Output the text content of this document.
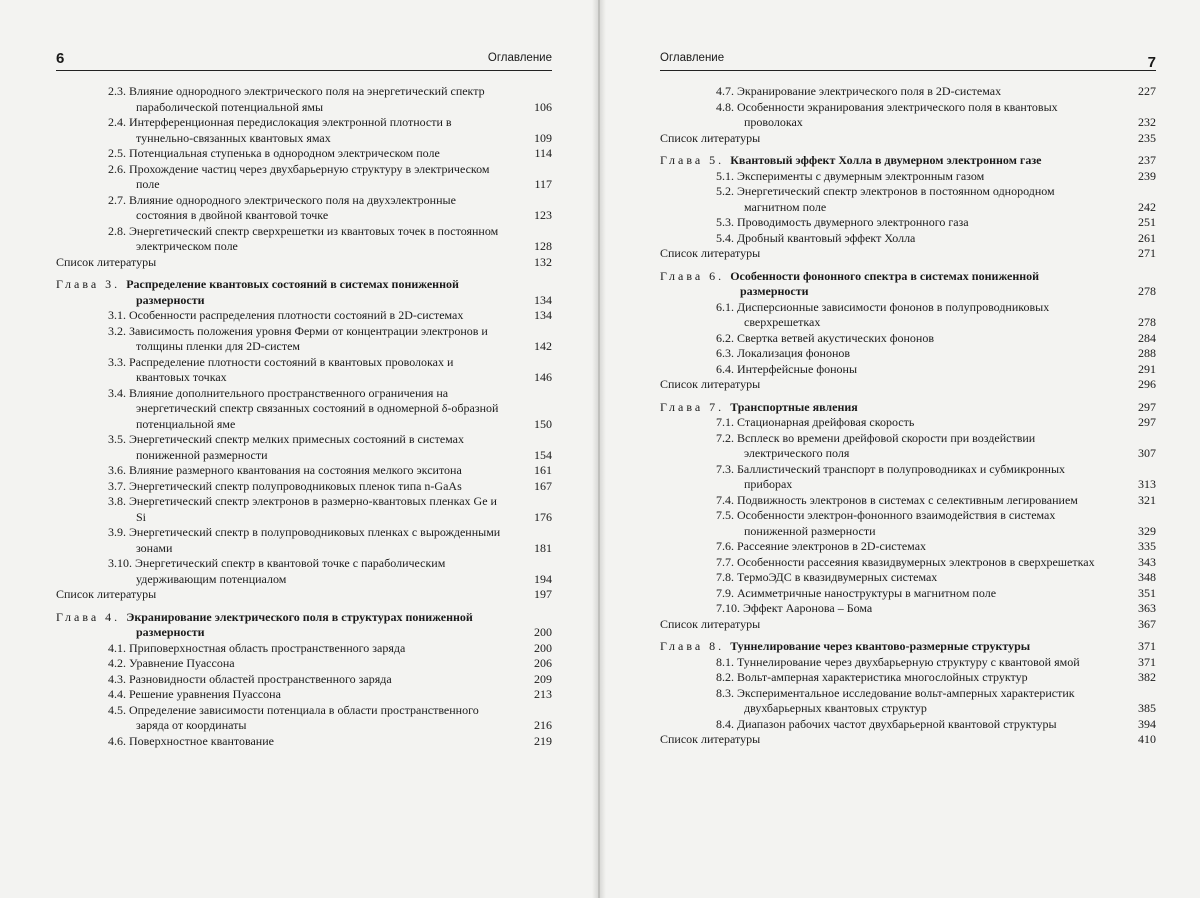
6	Оглавление
2.3. Влияние однородного электрического поля на энергетический спектр параболической потенциальной ямы	106
2.4. Интерференционная передислокация электронной плотности в туннельно-связанных квантовых ямах	109
2.5. Потенциальная ступенька в однородном электрическом поле	114
2.6. Прохождение частиц через двухбарьерную структуру в электрическом поле	117
2.7. Влияние однородного электрического поля на двухэлектронные состояния в двойной квантовой точке	123
2.8. Энергетический спектр сверхрешетки из квантовых точек в постоянном электрическом поле	128
Список литературы	132
Глава 3. Распределение квантовых состояний в системах пониженной размерности	134
3.1. Особенности распределения плотности состояний в 2D-системах	134
3.2. Зависимость положения уровня Ферми от концентрации электронов и толщины пленки для 2D-систем	142
3.3. Распределение плотности состояний в квантовых проволоках и квантовых точках	146
3.4. Влияние дополнительного пространственного ограничения на энергетический спектр связанных состояний в одномерной δ-образной потенциальной яме	150
3.5. Энергетический спектр мелких примесных состояний в системах пониженной размерности	154
3.6. Влияние размерного квантования на состояния мелкого экситона	161
3.7. Энергетический спектр полупроводниковых пленок типа n-GaAs	167
3.8. Энергетический спектр электронов в размерно-квантовых пленках Ge и Si	176
3.9. Энергетический спектр в полупроводниковых пленках с вырожденными зонами	181
3.10. Энергетический спектр в квантовой точке с параболическим удерживающим потенциалом	194
Список литературы	197
Глава 4. Экранирование электрического поля в структурах пониженной размерности	200
4.1. Приповерхностная область пространственного заряда	200
4.2. Уравнение Пуассона	206
4.3. Разновидности областей пространственного заряда	209
4.4. Решение уравнения Пуассона	213
4.5. Определение зависимости потенциала в области пространственного заряда от координаты	216
4.6. Поверхностное квантование	219
Оглавление	7
4.7. Экранирование электрического поля в 2D-системах	227
4.8. Особенности экранирования электрического поля в квантовых проволоках	232
Список литературы	235
Глава 5. Квантовый эффект Холла в двумерном электронном газе	237
5.1. Эксперименты с двумерным электронным газом	239
5.2. Энергетический спектр электронов в постоянном однородном магнитном поле	242
5.3. Проводимость двумерного электронного газа	251
5.4. Дробный квантовый эффект Холла	261
Список литературы	271
Глава 6. Особенности фононного спектра в системах пониженной размерности	278
6.1. Дисперсионные зависимости фононов в полупроводниковых сверхрешетках	278
6.2. Свертка ветвей акустических фононов	284
6.3. Локализация фононов	288
6.4. Интерфейсные фононы	291
Список литературы	296
Глава 7. Транспортные явления	297
7.1. Стационарная дрейфовая скорость	297
7.2. Всплеск во времени дрейфовой скорости при воздействии электрического поля	307
7.3. Баллистический транспорт в полупроводниках и субмикронных приборах	313
7.4. Подвижность электронов в системах с селективным легированием	321
7.5. Особенности электрон-фононного взаимодействия в системах пониженной размерности	329
7.6. Рассеяние электронов в 2D-системах	335
7.7. Особенности рассеяния квазидвумерных электронов в сверхрешетках	343
7.8. ТермоЭДС в квазидвумерных системах	348
7.9. Асимметричные наноструктуры в магнитном поле	351
7.10. Эффект Ааронова – Бома	363
Список литературы	367
Глава 8. Туннелирование через квантово-размерные структуры	371
8.1. Туннелирование через двухбарьерную структуру с квантовой ямой	371
8.2. Вольт-амперная характеристика многослойных структур	382
8.3. Экспериментальное исследование вольт-амперных характеристик двухбарьерных квантовых структур	385
8.4. Диапазон рабочих частот двухбарьерной квантовой структуры	394
Список литературы	410
